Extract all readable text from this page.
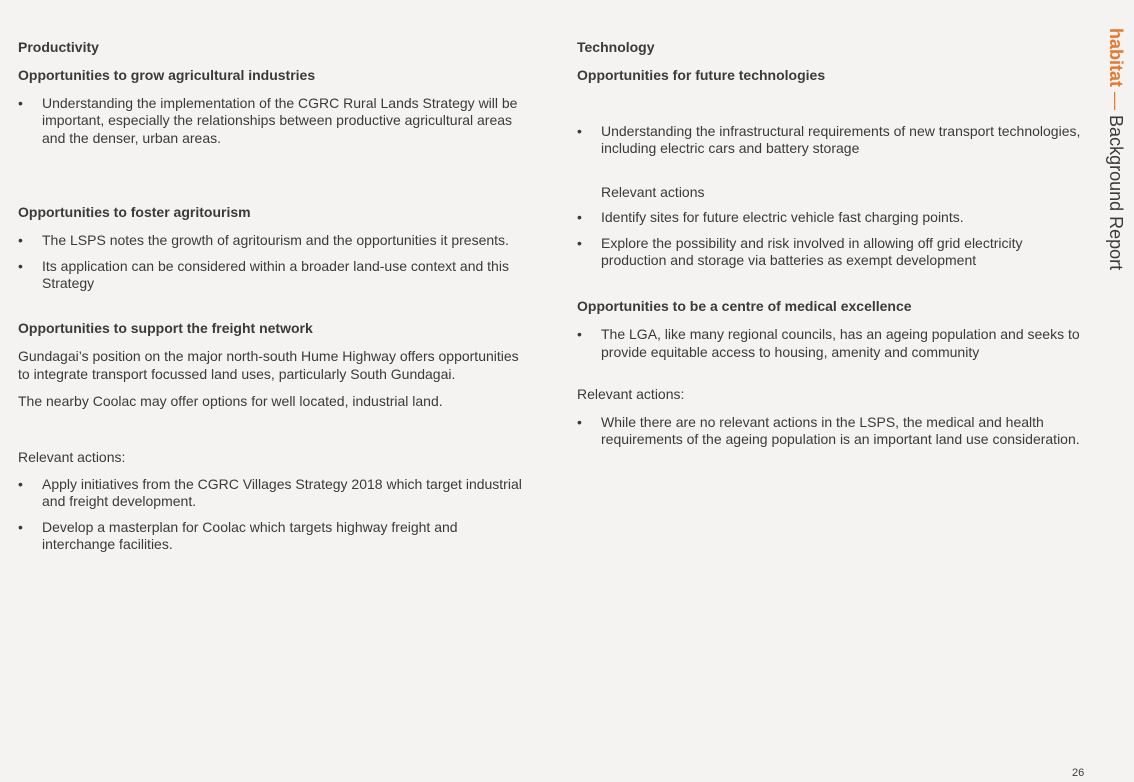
Productivity

Opportunities to grow agricultural industries

• Understanding the implementation of the CGRC Rural Lands Strategy will be important, especially the relationships between productive agricultural areas and the denser, urban areas.

Opportunities to foster agritourism

• The LSPS notes the growth of agritourism and the opportunities it presents.
• Its application can be considered within a broader land-use context and this Strategy

Opportunities to support the freight network

Gundagai’s position on the major north-south Hume Highway offers opportunities to integrate transport focussed land uses, particularly South Gundagai.

The nearby Coolac may offer options for well located, industrial land.

Relevant actions:

• Apply initiatives from the CGRC Villages Strategy 2018 which target industrial and freight development.
• Develop a masterplan for Coolac which targets highway freight and interchange facilities.

Technology

Opportunities for future technologies

• Understanding the infrastructural requirements of new transport technologies, including electric cars and battery storage

Relevant actions

• Identify sites for future electric vehicle fast charging points.
• Explore the possibility and risk involved in allowing off grid electricity production and storage via batteries as exempt development

Opportunities to be a centre of medical excellence

• The LGA, like many regional councils, has an ageing population and seeks to provide equitable access to housing, amenity and community

Relevant actions:

• While there are no relevant actions in the LSPS, the medical and health requirements of the ageing population is an important land use consideration.
habitat — Background Report
26
